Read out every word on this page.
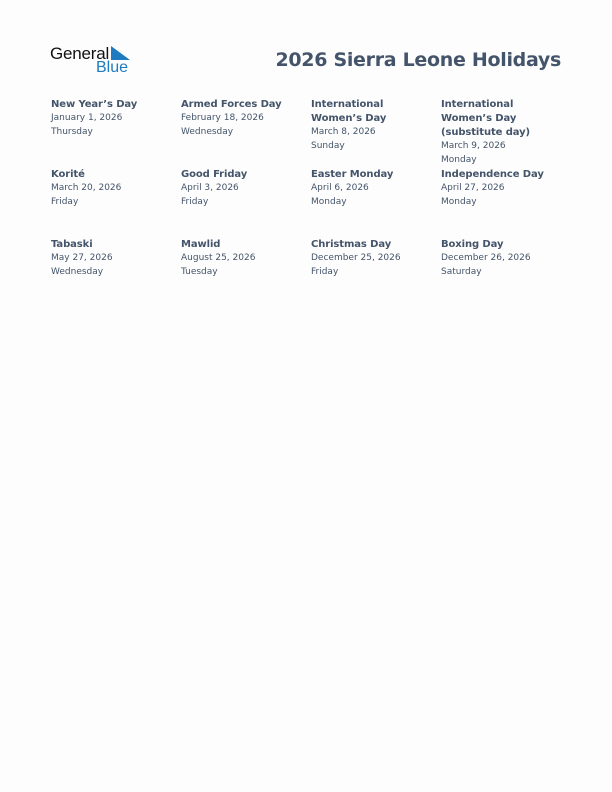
General
Blue	2026 Sierra Leone Holidays
New Year’s Day
January 1, 2026
Thursday
Armed Forces Day
February 18, 2026
Wednesday
International Women’s Day
March 8, 2026
Sunday
International Women’s Day (substitute day)
March 9, 2026
Monday
Korité
March 20, 2026
Friday
Good Friday
April 3, 2026
Friday
Easter Monday
April 6, 2026
Monday
Independence Day
April 27, 2026
Monday
Tabaski
May 27, 2026
Wednesday
Mawlid
August 25, 2026
Tuesday
Christmas Day
December 25, 2026
Friday
Boxing Day
December 26, 2026
Saturday
